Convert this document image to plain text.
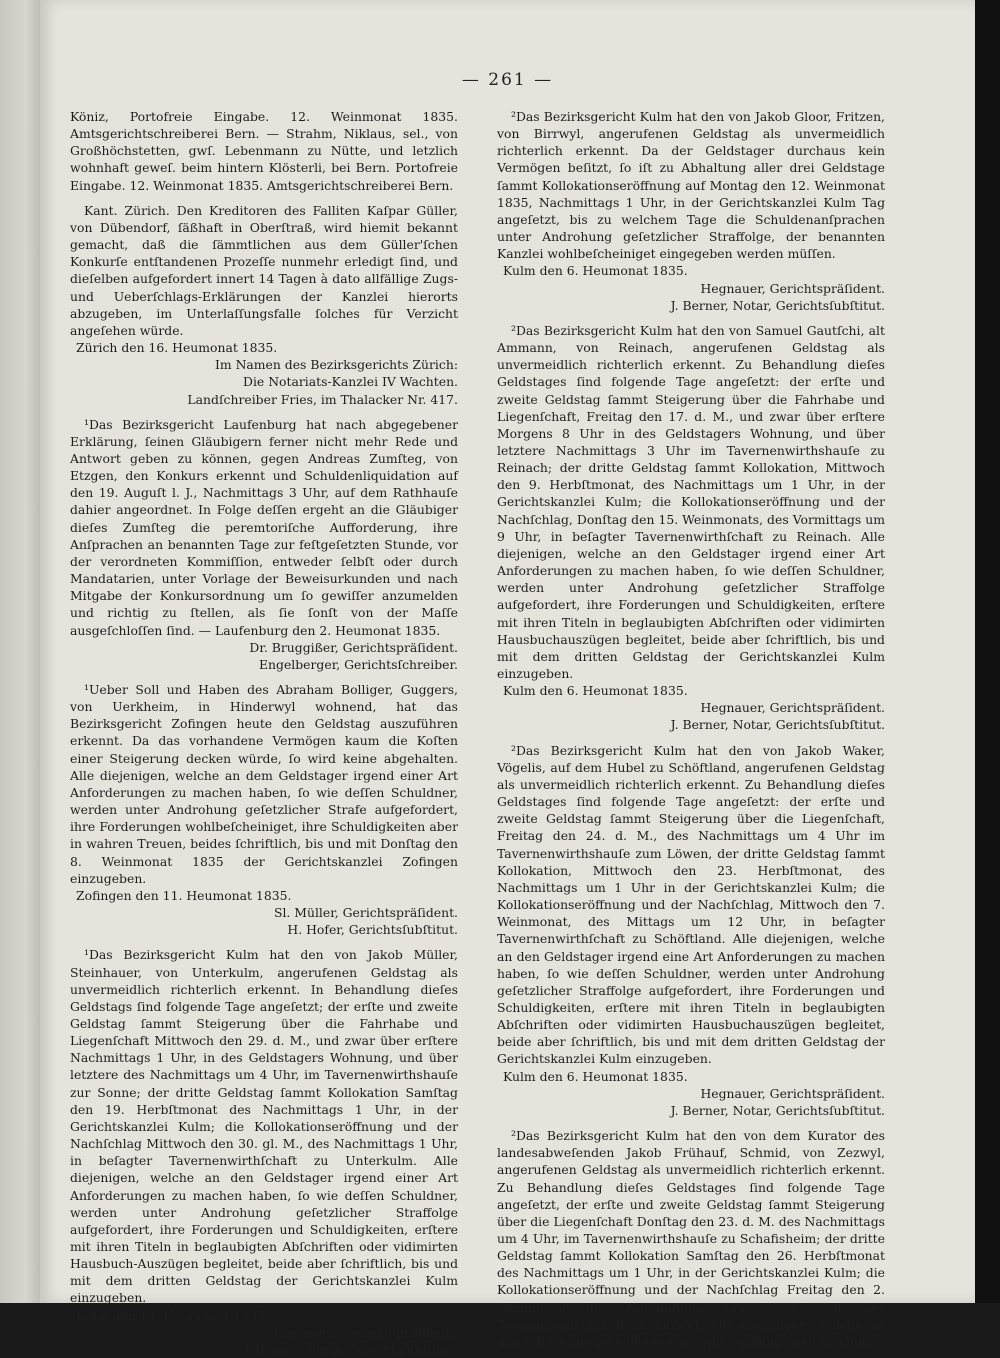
— 261 —

Köniz, Portofreie Eingabe. 12. Weinmonat 1835. Amtsgerichtschreiberei Bern. — Strahm, Niklaus, sel., von Großhöchstetten, gwſ. Lebenmann zu Nütte, und letzlich wohnhaft geweſ. beim hintern Klösterli, bei Bern. Portofreie Eingabe. 12. Weinmonat 1835. Amtsgerichtschreiberei Bern.

Kant. Zürich. Den Kreditoren des Falliten Kaſpar Güller, von Dübendorf, ſäßhaft in Oberſtraß, wird hiemit bekannt gemacht, daß die ſämmtlichen aus dem Güller'ſchen Konkurſe entſtandenen Prozeſſe nunmehr erledigt ſind, und dieſelben aufgefordert innert 14 Tagen à dato allfällige Zugs- und Ueberſchlags-Erklärungen der Kanzlei hierorts abzugeben, im Unterlaſſungsfalle ſolches für Verzicht angeſehen würde.

Zürich den 16. Heumonat 1835.

Im Namen des Bezirksgerichts Zürich:

Die Notariats-Kanzlei IV Wachten.

Landſchreiber Fries, im Thalacker Nr. 417.

¹Das Bezirksgericht Laufenburg hat nach abgegebener Erklärung, ſeinen Gläubigern ferner nicht mehr Rede und Antwort geben zu können, gegen Andreas Zumſteg, von Etzgen, den Konkurs erkennt und Schuldenliquidation auf den 19. Auguſt l. J., Nachmittags 3 Uhr, auf dem Rathhauſe dahier angeordnet. In Folge deſſen ergeht an die Gläubiger dieſes Zumſteg die peremtoriſche Aufforderung, ihre Anſprachen an benannten Tage zur feſtgeſetzten Stunde, vor der verordneten Kommiſſion, entweder ſelbſt oder durch Mandatarien, unter Vorlage der Beweisurkunden und nach Mitgabe der Konkursordnung um ſo gewiſſer anzumelden und richtig zu ſtellen, als ſie ſonſt von der Maſſe ausgeſchloſſen ſind. — Laufenburg den 2. Heumonat 1835.

Dr. Bruggißer, Gerichtspräſident.

Engelberger, Gerichtsſchreiber.

¹Ueber Soll und Haben des Abraham Bolliger, Guggers, von Uerkheim, in Hinderwyl wohnend, hat das Bezirksgericht Zofingen heute den Geldstag auszuführen erkennt. Da das vorhandene Vermögen kaum die Koſten einer Steigerung decken würde, ſo wird keine abgehalten. Alle diejenigen, welche an dem Geldstager irgend einer Art Anforderungen zu machen haben, ſo wie deſſen Schuldner, werden unter Androhung geſetzlicher Strafe aufgefordert, ihre Forderungen wohlbeſcheiniget, ihre Schuldigkeiten aber in wahren Treuen, beides ſchriftlich, bis und mit Donſtag den 8. Weinmonat 1835 der Gerichtskanzlei Zofingen einzugeben.

Zofingen den 11. Heumonat 1835.

Sl. Müller, Gerichtspräſident.

H. Hofer, Gerichtsſubſtitut.

¹Das Bezirksgericht Kulm hat den von Jakob Müller, Steinhauer, von Unterkulm, angerufenen Geldstag als unvermeidlich richterlich erkennt. In Behandlung dieſes Geldstags ſind folgende Tage angeſetzt; der erſte und zweite Geldstag ſammt Steigerung über die Fahrhabe und Liegenſchaft Mittwoch den 29. d. M., und zwar über erſtere Nachmittags 1 Uhr, in des Geldstagers Wohnung, und über letztere des Nachmittags um 4 Uhr, im Tavernenwirthshauſe zur Sonne; der dritte Geldstag ſammt Kollokation Samſtag den 19. Herbſtmonat des Nachmittags 1 Uhr, in der Gerichtskanzlei Kulm; die Kollokationseröffnung und der Nachſchlag Mittwoch den 30. gl. M., des Nachmittags 1 Uhr, in beſagter Tavernenwirthſchaft zu Unterkulm. Alle diejenigen, welche an den Geldstager irgend einer Art Anforderungen zu machen haben, ſo wie deſſen Schuldner, werden unter Androhung geſetzlicher Straffolge aufgefordert, ihre Forderungen und Schuldigkeiten, erſtere mit ihren Titeln in beglaubigten Abſchriften oder vidimirten Hausbuch-Auszügen begleitet, beide aber ſchriftlich, bis und mit dem dritten Geldstag der Gerichtskanzlei Kulm einzugeben.

Kulm den 13. Heumonat 1835.

Hegnauer, Gerichtspräſident.

J. Berner, Notar, Gerichtsſubſtitut.

²Das Bezirksgericht Kulm hat den von Jakob Gloor, Fritzen, von Birrwyl, angerufenen Geldstag als unvermeidlich richterlich erkennt. Da der Geldstager durchaus kein Vermögen beſitzt, ſo iſt zu Abhaltung aller drei Geldstage ſammt Kollokationseröffnung auf Montag den 12. Weinmonat 1835, Nachmittags 1 Uhr, in der Gerichtskanzlei Kulm Tag angeſetzt, bis zu welchem Tage die Schuldenanſprachen unter Androhung geſetzlicher Straffolge, der benannten Kanzlei wohlbeſcheiniget eingegeben werden müſſen.

Kulm den 6. Heumonat 1835.

Hegnauer, Gerichtspräſident.

J. Berner, Notar, Gerichtsſubſtitut.

²Das Bezirksgericht Kulm hat den von Samuel Gautſchi, alt Ammann, von Reinach, angerufenen Geldstag als unvermeidlich richterlich erkennt. Zu Behandlung dieſes Geldstages ſind folgende Tage angeſetzt: der erſte und zweite Geldstag ſammt Steigerung über die Fahrhabe und Liegenſchaft, Freitag den 17. d. M., und zwar über erſtere Morgens 8 Uhr in des Geldstagers Wohnung, und über letztere Nachmittags 3 Uhr im Tavernenwirthshauſe zu Reinach; der dritte Geldstag ſammt Kollokation, Mittwoch den 9. Herbſtmonat, des Nachmittags um 1 Uhr, in der Gerichtskanzlei Kulm; die Kollokationseröffnung und der Nachſchlag, Donſtag den 15. Weinmonats, des Vormittags um 9 Uhr, in beſagter Tavernenwirthſchaft zu Reinach. Alle diejenigen, welche an den Geldstager irgend einer Art Anforderungen zu machen haben, ſo wie deſſen Schuldner, werden unter Androhung geſetzlicher Straffolge aufgefordert, ihre Forderungen und Schuldigkeiten, erſtere mit ihren Titeln in beglaubigten Abſchriften oder vidimirten Hausbuchauszügen begleitet, beide aber ſchriftlich, bis und mit dem dritten Geldstag der Gerichtskanzlei Kulm einzugeben.

Kulm den 6. Heumonat 1835.

Hegnauer, Gerichtspräſident.

J. Berner, Notar, Gerichtsſubſtitut.

²Das Bezirksgericht Kulm hat den von Jakob Waker, Vögelis, auf dem Hubel zu Schöftland, angerufenen Geldstag als unvermeidlich richterlich erkennt. Zu Behandlung dieſes Geldstages ſind folgende Tage angeſetzt: der erſte und zweite Geldstag ſammt Steigerung über die Liegenſchaft, Freitag den 24. d. M., des Nachmittags um 4 Uhr im Tavernenwirthshauſe zum Löwen, der dritte Geldstag ſammt Kollokation, Mittwoch den 23. Herbſtmonat, des Nachmittags um 1 Uhr in der Gerichtskanzlei Kulm; die Kollokationseröffnung und der Nachſchlag, Mittwoch den 7. Weinmonat, des Mittags um 12 Uhr, in beſagter Tavernenwirthſchaft zu Schöftland. Alle diejenigen, welche an den Geldstager irgend eine Art Anforderungen zu machen haben, ſo wie deſſen Schuldner, werden unter Androhung geſetzlicher Straffolge aufgefordert, ihre Forderungen und Schuldigkeiten, erſtere mit ihren Titeln in beglaubigten Abſchriften oder vidimirten Hausbuchauszügen begleitet, beide aber ſchriftlich, bis und mit dem dritten Geldstag der Gerichtskanzlei Kulm einzugeben.

Kulm den 6. Heumonat 1835.

Hegnauer, Gerichtspräſident.

J. Berner, Notar, Gerichtsſubſtitut.

²Das Bezirksgericht Kulm hat den von dem Kurator des landesabweſenden Jakob Frühauf, Schmid, von Zezwyl, angerufenen Geldstag als unvermeidlich richterlich erkennt. Zu Behandlung dieſes Geldstages ſind folgende Tage angeſetzt, der erſte und zweite Geldstag ſammt Steigerung über die Liegenſchaft Donſtag den 23. d. M. des Nachmittags um 4 Uhr, im Tavernenwirthshauſe zu Schafisheim; der dritte Geldstag ſammt Kollokation Samſtag den 26. Herbſtmonat des Nachmittags um 1 Uhr, in der Gerichtskanzlei Kulm; die Kollokationseröffnung und der Nachſchlag Freitag den 2. Weinmonat des Nachmittags um 1 Uhr in der Tavernenwirthſchaft zu Zezwyl. Alle diejenigen, welche an den Geldstager irgend einer Art Anforderungen zu machen
